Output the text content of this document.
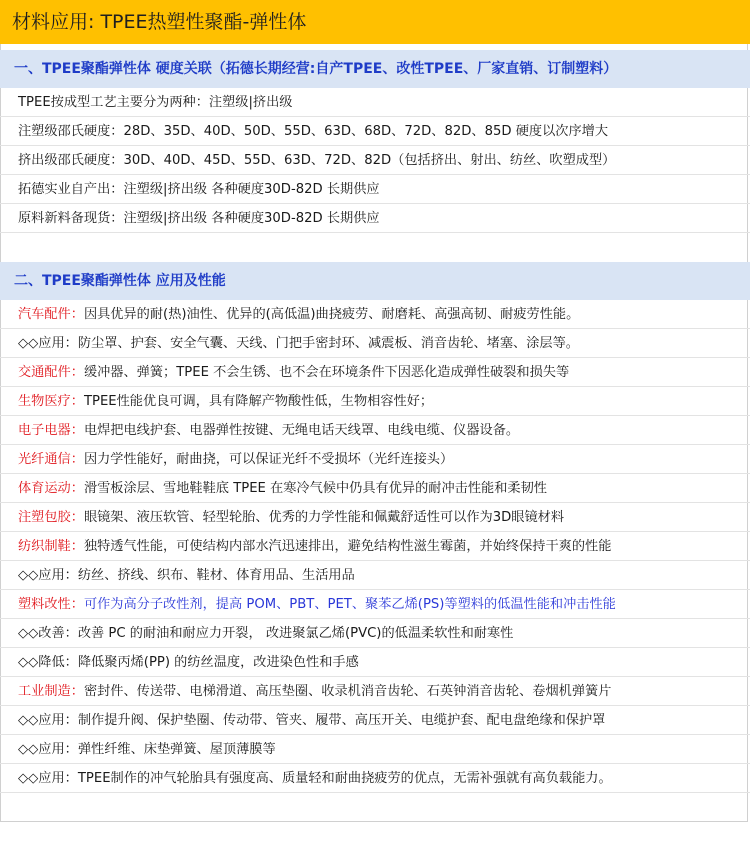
材料应用: TPEE热塑性聚酯-弹性体
一、TPEE聚酯弹性体 硬度关联（拓德长期经营:自产TPEE、改性TPEE、厂家直销、订制塑料）
TPEE按成型工艺主要分为两种：注塑级|挤出级
注塑级邵氏硬度：28D、35D、40D、50D、55D、63D、68D、72D、82D、85D 硬度以次序增大
挤出级邵氏硬度：30D、40D、45D、55D、63D、72D、82D（包括挤出、射出、纺丝、吹塑成型）
拓德实业自产出：注塑级|挤出级 各种硬度30D-82D 长期供应
原料新料备现货：注塑级|挤出级 各种硬度30D-82D 长期供应
二、TPEE聚酯弹性体 应用及性能
汽车配件：因具优异的耐(热)油性、优异的(高低温)曲挠疲劳、耐磨耗、高强高韧、耐疲劳性能。
◇◇应用：防尘罩、护套、安全气囊、天线、门把手密封环、减震板、消音齿轮、堵塞、涂层等。
交通配件：缓冲器、弹簧；TPEE 不会生锈、也不会在环境条件下因恶化造成弹性破裂和损失等
生物医疗：TPEE性能优良可调，具有降解产物酸性低，生物相容性好；
电子电器：电焊把电线护套、电器弹性按键、无绳电话天线罩、电线电缆、仪器设备。
光纤通信：因力学性能好，耐曲挠，可以保证光纤不受损坏（光纤连接头）
体育运动：滑雪板涂层、雪地鞋鞋底 TPEE 在寒冷气候中仍具有优异的耐冲击性能和柔韧性
注塑包胶：眼镜架、液压软管、轻型轮胎、优秀的力学性能和佩戴舒适性可以作为3D眼镜材料
纺织制鞋：独特透气性能，可使结构内部水汽迅速排出，避免结构性滋生霉菌，并始终保持干爽的性能
◇◇应用：纺丝、挤线、织布、鞋材、体育用品、生活用品
塑料改性：可作为高分子改性剂，提高 POM、PBT、PET、聚苯乙烯(PS)等塑料的低温性能和冲击性能
◇◇改善：改善 PC 的耐油和耐应力开裂， 改进聚氯乙烯(PVC)的低温柔软性和耐寒性
◇◇降低：降低聚丙烯(PP) 的纺丝温度，改进染色性和手感
工业制造：密封件、传送带、电梯滑道、高压垫圈、收录机消音齿轮、石英钟消音齿轮、卷烟机弹簧片
◇◇应用：制作提升阀、保护垫圈、传动带、管夹、履带、高压开关、电缆护套、配电盘绝缘和保护罩
◇◇应用：弹性纤维、床垫弹簧、屋顶薄膜等
◇◇应用：TPEE制作的冲气轮胎具有强度高、质量轻和耐曲挠疲劳的优点，无需补强就有高负载能力。
